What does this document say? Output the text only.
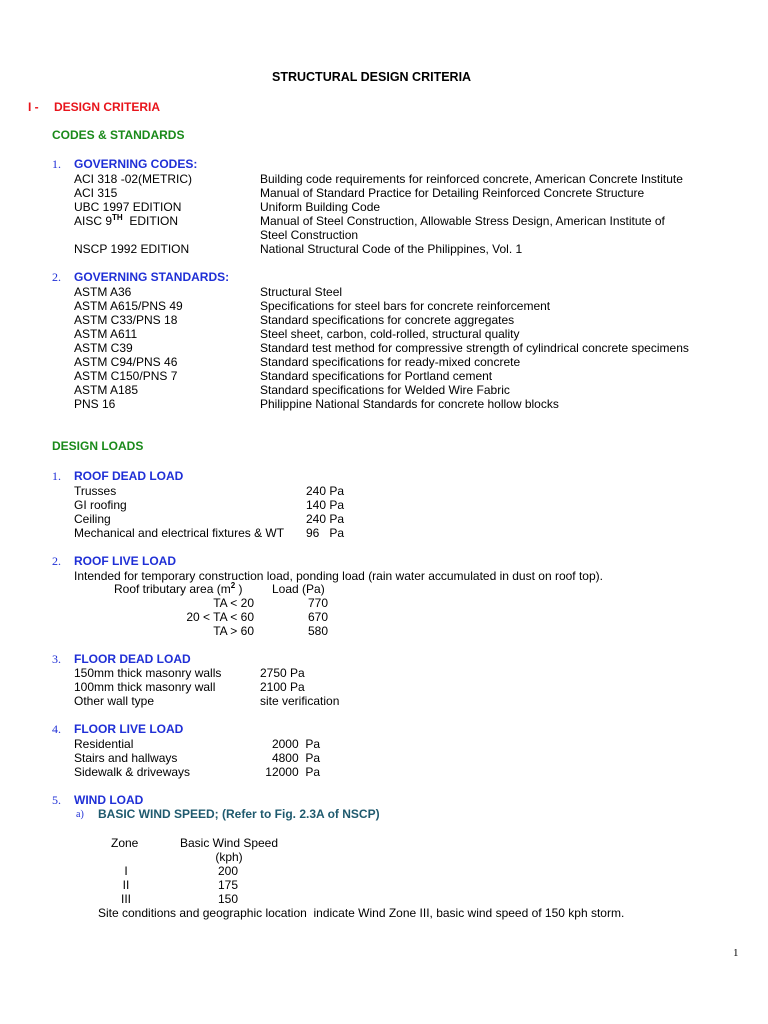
STRUCTURAL DESIGN CRITERIA
I - DESIGN CRITERIA
CODES & STANDARDS
1. GOVERNING CODES:
ACI 318 -02(METRIC)	Building code requirements for reinforced concrete, American Concrete Institute
ACI 315	Manual of Standard Practice for Detailing Reinforced Concrete Structure
UBC 1997 EDITION	Uniform Building Code
AISC 9TH  EDITION	Manual of Steel Construction, Allowable Stress Design, American Institute of
Steel Construction
NSCP 1992 EDITION	National Structural Code of the Philippines, Vol. 1
2. GOVERNING STANDARDS:
ASTM A36	Structural Steel
ASTM A615/PNS 49	Specifications for steel bars for concrete reinforcement
ASTM C33/PNS 18	Standard specifications for concrete aggregates
ASTM A611	Steel sheet, carbon, cold-rolled, structural quality
ASTM C39	Standard test method for compressive strength of cylindrical concrete specimens
ASTM C94/PNS 46	Standard specifications for ready-mixed concrete
ASTM C150/PNS 7	Standard specifications for Portland cement
ASTM A185	Standard specifications for Welded Wire Fabric
PNS 16	Philippine National Standards for concrete hollow blocks
DESIGN LOADS
1. ROOF DEAD LOAD
Trusses	240 Pa
GI roofing	140 Pa
Ceiling	240 Pa
Mechanical and electrical fixtures & WT 96   Pa
2. ROOF LIVE LOAD
Intended for temporary construction load, ponding load (rain water accumulated in dust on roof top).
Roof tributary area ($m^2$ ) Load (Pa)
TA < 20	770
20 < TA < 60	670
TA > 60	580
3. FLOOR DEAD LOAD
150mm thick masonry walls	2750 Pa
100mm thick masonry wall	2100 Pa
Other wall type	site verification
4. FLOOR LIVE LOAD
Residential	2000  Pa
Stairs and hallways	4800  Pa
Sidewalk & driveways	12000  Pa
5. WIND LOAD
a) BASIC WIND SPEED; (Refer to Fig. 2.3A of NSCP)
Zone	Basic Wind Speed
(kph)
I	200
II	175
III	150
Site conditions and geographic location  indicate Wind Zone III, basic wind speed of 150 kph storm.
1
